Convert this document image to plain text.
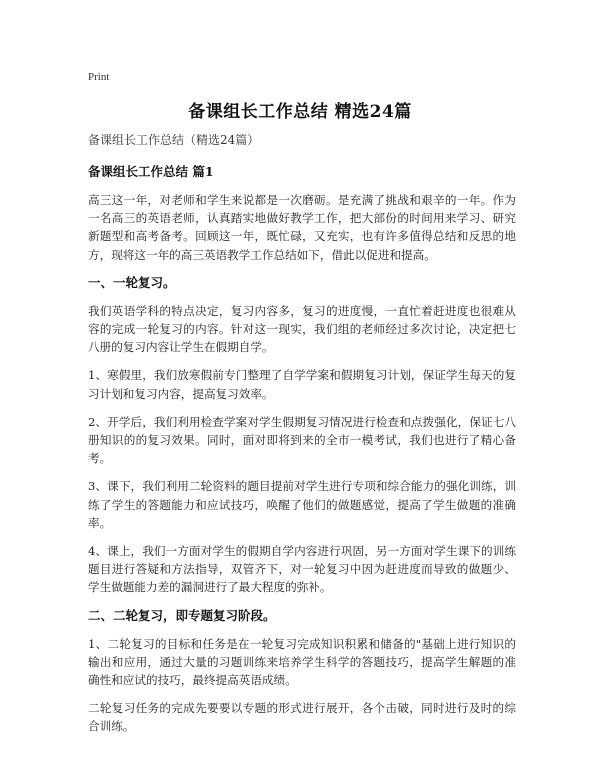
Print
备课组长工作总结 精选24篇
备课组长工作总结（精选24篇）
备课组长工作总结 篇1

高三这一年，对老师和学生来说都是一次磨砺。是充满了挑战和艰辛的一年。作为一名高三的英语老师，认真踏实地做好教学工作，把大部份的时间用来学习、研究新题型和高考备考。回顾这一年，既忙碌，又充实，也有许多值得总结和反思的地方，现将这一年的高三英语教学工作总结如下，借此以促进和提高。

一、一轮复习。

我们英语学科的特点决定，复习内容多，复习的进度慢，一直忙着赶进度也很难从容的完成一轮复习的内容。针对这一现实，我们组的老师经过多次讨论，决定把七八册的复习内容让学生在假期自学。

1、寒假里，我们放寒假前专门整理了自学学案和假期复习计划，保证学生每天的复习计划和复习内容，提高复习效率。

2、开学后，我们利用检查学案对学生假期复习情况进行检查和点拨强化，保证七八册知识的的复习效果。同时，面对即将到来的全市一模考试，我们也进行了精心备考。

3、课下，我们利用二轮资料的题目提前对学生进行专项和综合能力的强化训练，训练了学生的答题能力和应试技巧，唤醒了他们的做题感觉，提高了学生做题的准确率。

4、课上，我们一方面对学生的假期自学内容进行巩固，另一方面对学生课下的训练题目进行答疑和方法指导，双管齐下，对一轮复习中因为赶进度而导致的做题少、学生做题能力差的漏洞进行了最大程度的弥补。

二、二轮复习，即专题复习阶段。

1、二轮复习的目标和任务是在一轮复习完成知识积累和储备的"基础上进行知识的输出和应用，通过大量的习题训练来培养学生科学的答题技巧，提高学生解题的准确性和应试的技巧，最终提高英语成绩。

二轮复习任务的完成先要要以专题的形式进行展开，各个击破，同时进行及时的综合训练。
